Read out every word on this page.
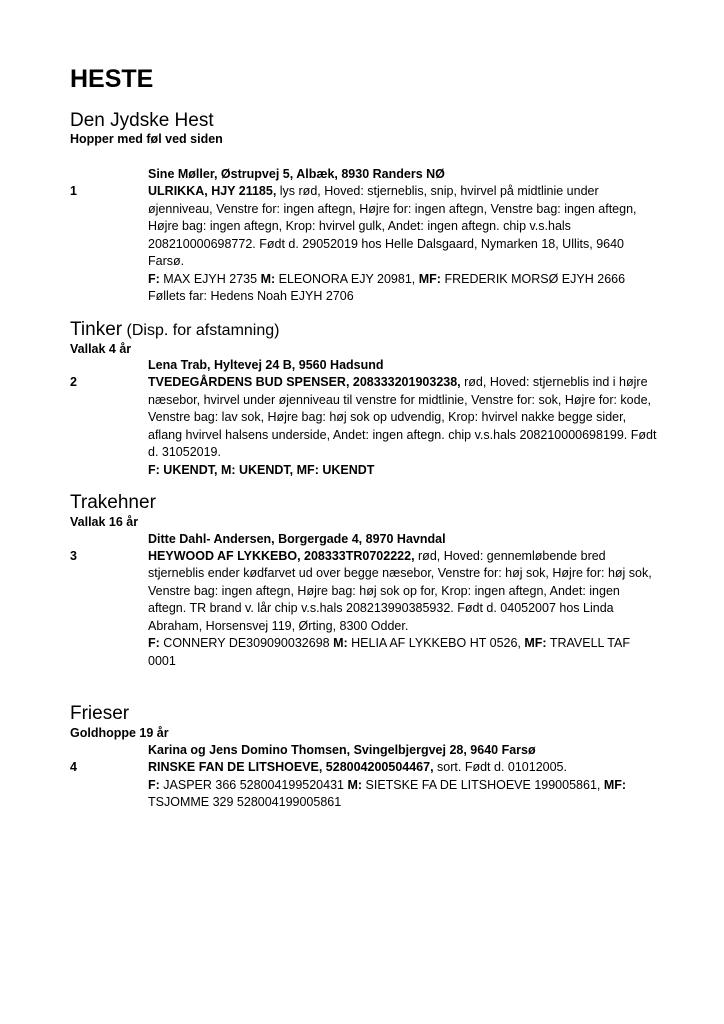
HESTE
Den Jydske Hest
Hopper med føl ved siden
Sine Møller, Østrupvej 5, Albæk, 8930 Randers NØ
1	ULRIKKA, HJY 21185, lys rød, Hoved: stjerneblis, snip, hvirvel på midtlinie under øjenniveau, Venstre for: ingen aftegn, Højre for: ingen aftegn, Venstre bag: ingen aftegn, Højre bag: ingen aftegn, Krop: hvirvel gulk, Andet: ingen aftegn. chip v.s.hals 208210000698772. Født d. 29052019 hos Helle Dalsgaard, Nymarken 18, Ullits, 9640 Farsø.

F: MAX EJYH 2735 M: ELEONORA EJY 20981, MF: FREDERIK MORSØ EJYH 2666

Føllets far: Hedens Noah EJYH 2706

Tinker (Disp. for afstamning)
Vallak 4 år
Lena Trab, Hyltevej 24 B, 9560 Hadsund
2	TVEDEGÅRDENS BUD SPENSER, 208333201903238, rød, Hoved: stjerneblis ind i højre næsebor, hvirvel under øjenniveau til venstre for midtlinie, Venstre for: sok, Højre for: kode, Venstre bag: lav sok, Højre bag: høj sok op udvendig, Krop: hvirvel nakke begge sider, aflang hvirvel halsens underside, Andet: ingen aftegn. chip v.s.hals 208210000698199. Født d. 31052019.

F: UKENDT, M: UKENDT, MF: UKENDT

Trakehner
Vallak 16 år
Ditte Dahl- Andersen, Borgergade 4, 8970 Havndal
3	HEYWOOD AF LYKKEBO, 208333TR0702222, rød, Hoved: gennemløbende bred stjerneblis ender kødfarvet ud over begge næsebor, Venstre for: høj sok, Højre for: høj sok, Venstre bag: ingen aftegn, Højre bag: høj sok op for, Krop: ingen aftegn, Andet: ingen aftegn. TR brand v. lår chip v.s.hals 208213990385932. Født d. 04052007 hos Linda Abraham, Horsensvej 119, Ørting, 8300 Odder.

F: CONNERY DE309090032698 M: HELIA AF LYKKEBO HT 0526, MF: TRAVELL TAF 0001

Frieser
Goldhoppe 19 år
Karina og Jens Domino Thomsen, Svingelbjergvej 28, 9640 Farsø
4	RINSKE FAN DE LITSHOEVE, 528004200504467, sort. Født d. 01012005.

F: JASPER 366 528004199520431 M: SIETSKE FA DE LITSHOEVE 199005861, MF: TSJOMME 329 528004199005861
